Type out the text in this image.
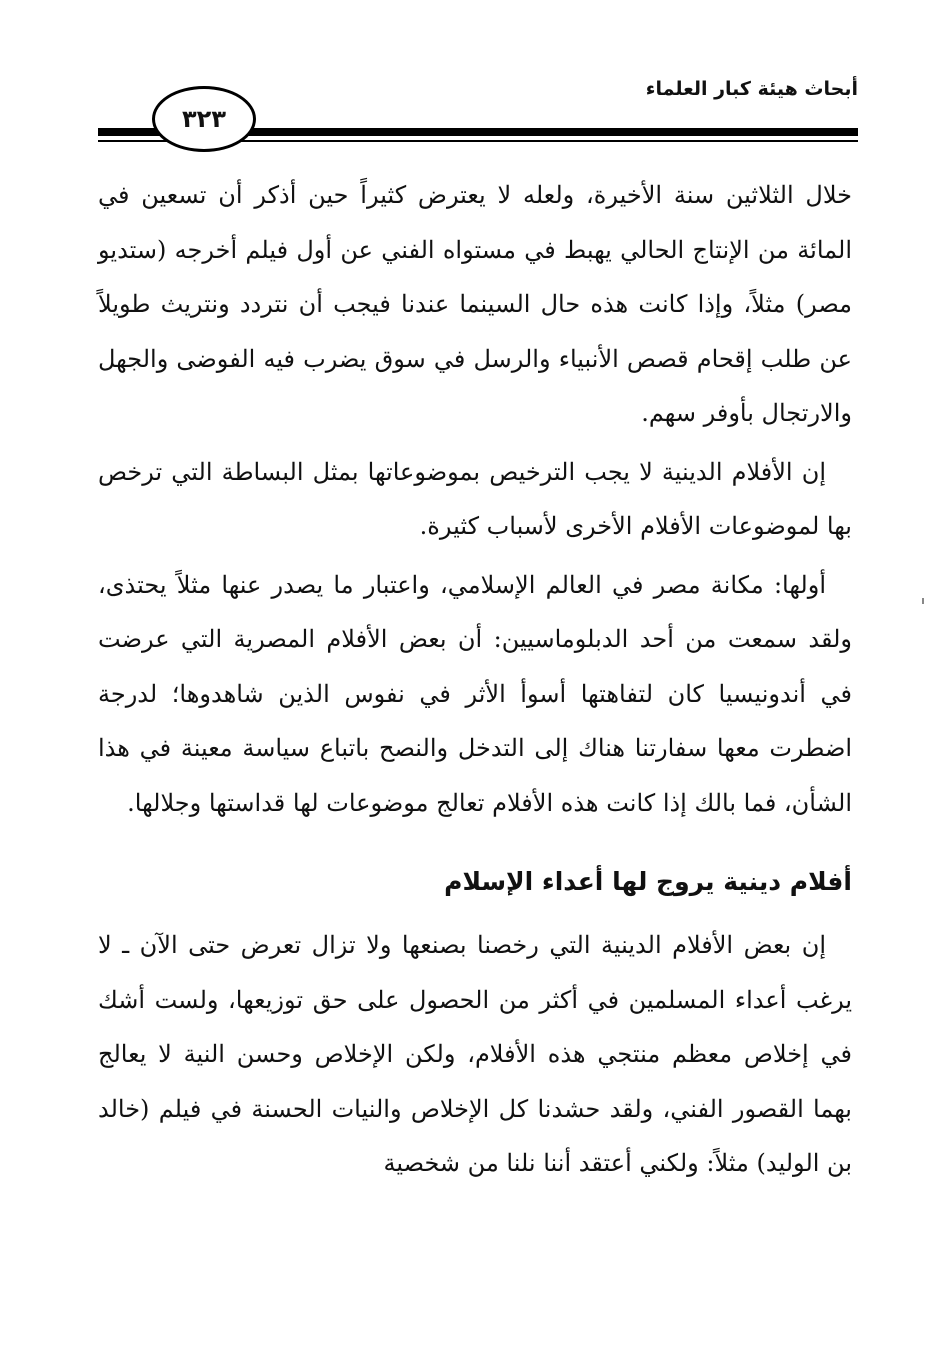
أبحاث هيئة كبار العلماء
٣٢٣

خلال الثلاثين سنة الأخيرة، ولعله لا يعترض كثيراً حين أذكر أن تسعين في المائة من الإنتاج الحالي يهبط في مستواه الفني عن أول فيلم أخرجه (ستديو مصر) مثلاً، وإذا كانت هذه حال السينما عندنا فيجب أن نتردد ونتريث طويلاً عن طلب إقحام قصص الأنبياء والرسل في سوق يضرب فيه الفوضى والجهل والارتجال بأوفر سهم.

إن الأفلام الدينية لا يجب الترخيص بموضوعاتها بمثل البساطة التي ترخص بها لموضوعات الأفلام الأخرى لأسباب كثيرة.

أولها: مكانة مصر في العالم الإسلامي، واعتبار ما يصدر عنها مثلاً يحتذى، ولقد سمعت من أحد الدبلوماسيين: أن بعض الأفلام المصرية التي عرضت في أندونيسيا كان لتفاهتها أسوأ الأثر في نفوس الذين شاهدوها؛ لدرجة اضطرت معها سفارتنا هناك إلى التدخل والنصح باتباع سياسة معينة في هذا الشأن، فما بالك إذا كانت هذه الأفلام تعالج موضوعات لها قداستها وجلالها.

أفلام دينية يروج لها أعداء الإسلام

إن بعض الأفلام الدينية التي رخصنا بصنعها ولا تزال تعرض حتى الآن ـ لا يرغب أعداء المسلمين في أكثر من الحصول على حق توزيعها، ولست أشك في إخلاص معظم منتجي هذه الأفلام، ولكن الإخلاص وحسن النية لا يعالج بهما القصور الفني، ولقد حشدنا كل الإخلاص والنيات الحسنة في فيلم (خالد بن الوليد) مثلاً: ولكني أعتقد أننا نلنا من شخصية
